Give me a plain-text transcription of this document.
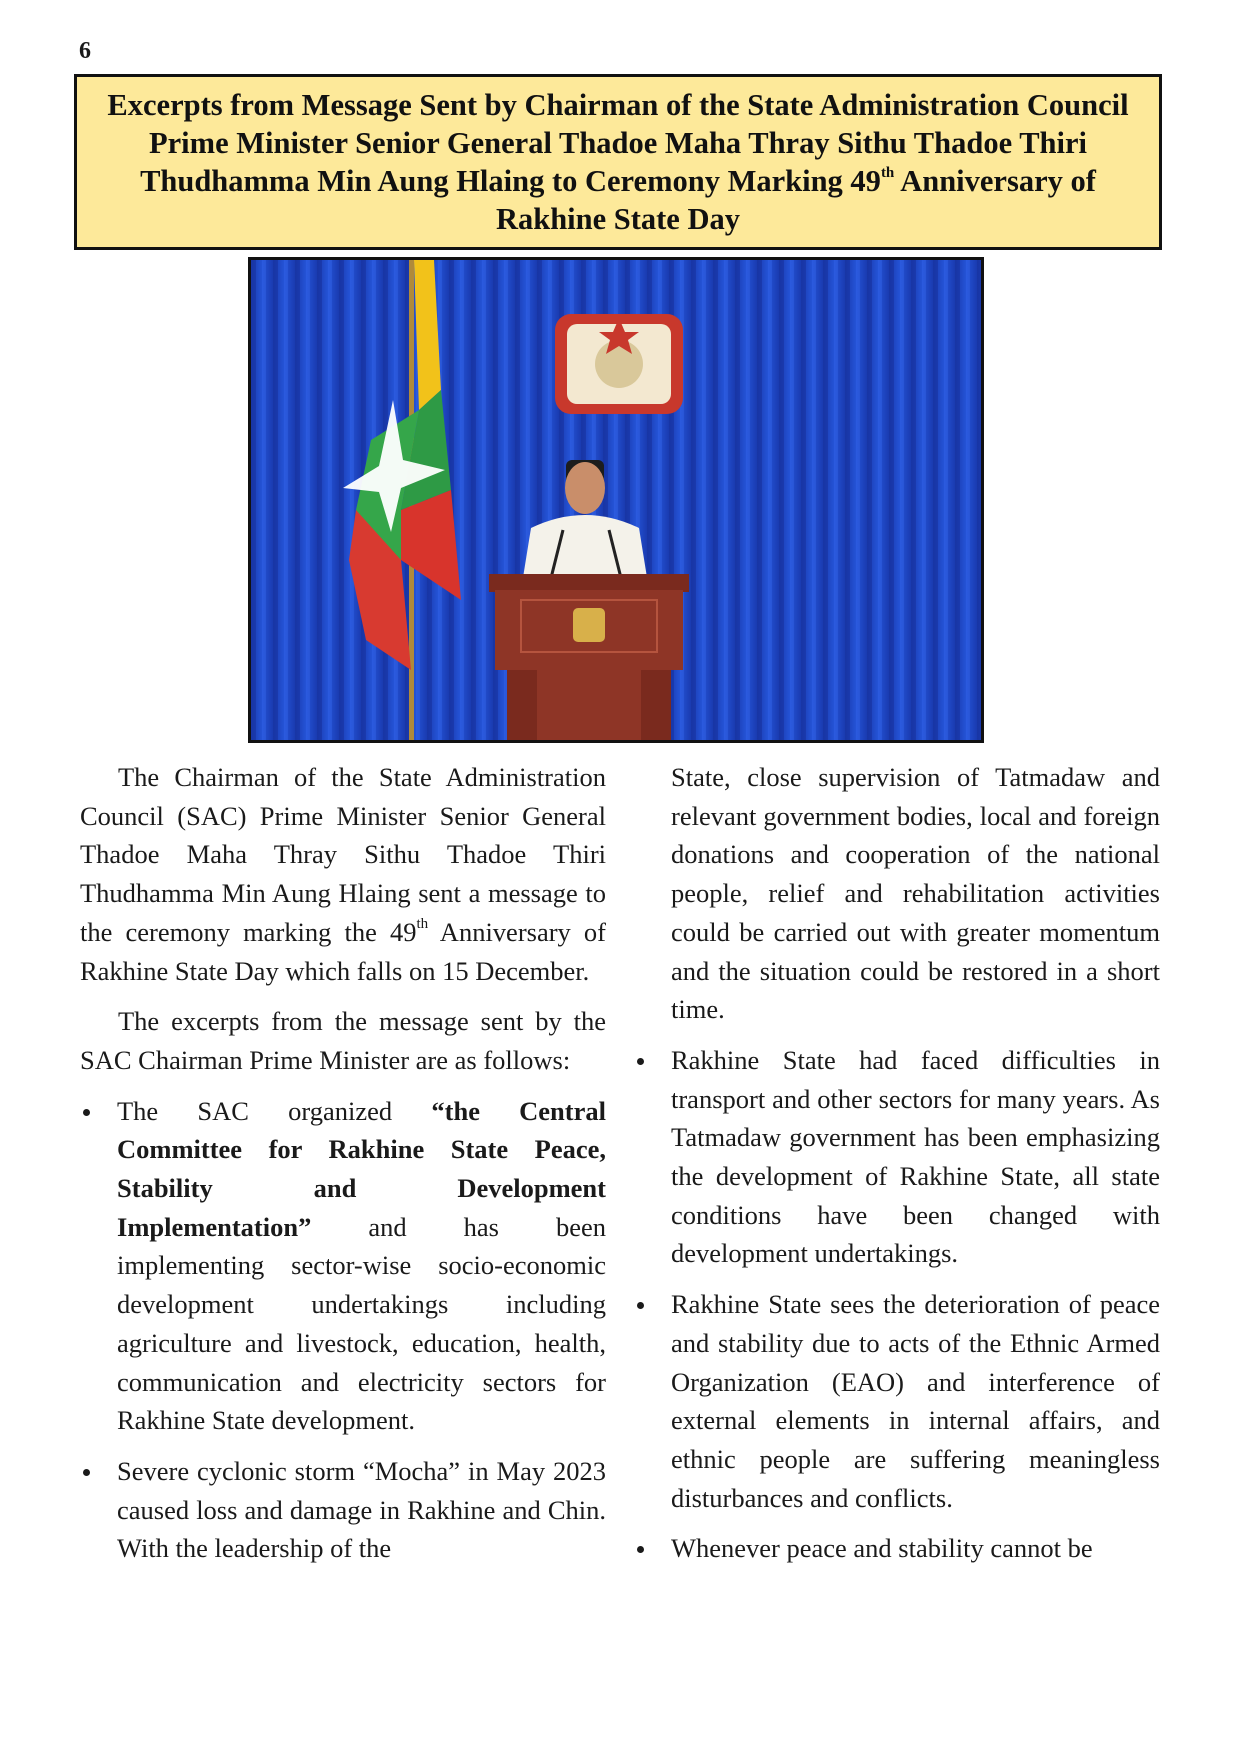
6
Excerpts from Message Sent by Chairman of the State Administration Council Prime Minister Senior General Thadoe Maha Thray Sithu Thadoe Thiri Thudhamma Min Aung Hlaing to Ceremony Marking 49th Anniversary of Rakhine State Day

The Chairman of the State Administration Council (SAC) Prime Minister Senior General Thadoe Maha Thray Sithu Thadoe Thiri Thudhamma Min Aung Hlaing sent a message to the ceremony marking the 49th Anniversary of Rakhine State Day which falls on 15 December.

The excerpts from the message sent by the SAC Chairman Prime Minister are as follows:

The SAC organized “the Central Committee for Rakhine State Peace, Stability and Development Implementation” and has been implementing sector-wise socio-economic development undertakings including agriculture and livestock, education, health, communication and electricity sectors for Rakhine State development.

Severe cyclonic storm “Mocha” in May 2023 caused loss and damage in Rakhine and Chin. With the leadership of the

State, close supervision of Tatmadaw and relevant government bodies, local and foreign donations and cooperation of the national people, relief and rehabilitation activities could be carried out with greater momentum and the situation could be restored in a short time.

Rakhine State had faced difficulties in transport and other sectors for many years. As Tatmadaw government has been emphasizing the development of Rakhine State, all state conditions have been changed with development undertakings.

Rakhine State sees the deterioration of peace and stability due to acts of the Ethnic Armed Organization (EAO) and interference of external elements in internal affairs, and ethnic people are suffering meaningless disturbances and conflicts.

Whenever peace and stability cannot be
